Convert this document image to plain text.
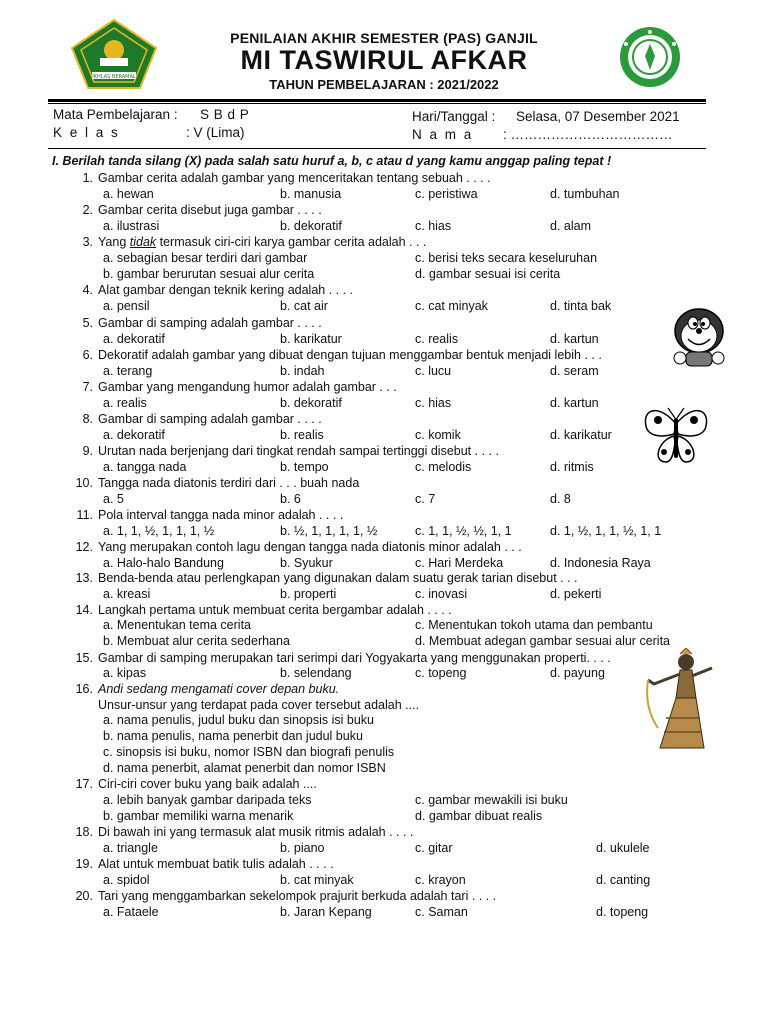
IKHLAS BERAMAL
PENILAIAN AKHIR SEMESTER (PAS) GANJIL
MI TASWIRUL AFKAR
TAHUN PEMBELAJARAN : 2021/2022
Mata Pembelajaran : S B d P
K e l a s	: V (Lima)
Hari/Tanggal : Selasa, 07 Desember 2021
N a m a : ………………………………
I. Berilah tanda silang (X) pada salah satu huruf a, b, c atau d yang kamu anggap paling tepat !
1. Gambar cerita adalah gambar yang menceritakan tentang sebuah . . . .
a. hewan	b. manusia	c. peristiwa	d. tumbuhan
2. Gambar cerita disebut juga gambar . . . .
a. ilustrasi	b. dekoratif	c. hias	d. alam
3. Yang tidak termasuk ciri-ciri karya gambar cerita adalah . . .
a. sebagian besar terdiri dari gambar	c. berisi teks secara keseluruhan
b. gambar berurutan sesuai alur cerita	d. gambar sesuai isi cerita
4. Alat gambar dengan teknik kering adalah . . . .
a. pensil	b. cat air	c. cat minyak	d. tinta bak
5. Gambar di samping adalah gambar . . . .
a. dekoratif	b. karikatur	c. realis	d. kartun
6. Dekoratif adalah gambar yang dibuat dengan tujuan menggambar bentuk menjadi lebih . . .
a. terang	b. indah	c. lucu	d. seram
7. Gambar yang mengandung humor adalah gambar . . .
a. realis	b. dekoratif	c. hias	d. kartun
8. Gambar di samping adalah gambar . . . .
a. dekoratif	b. realis	c. komik	d. karikatur
9. Urutan nada berjenjang dari tingkat rendah sampai tertinggi disebut . . . .
a. tangga nada	b. tempo	c. melodis	d. ritmis
10. Tangga nada diatonis terdiri dari . . . buah nada
a. 5	b. 6	c. 7	d. 8
11. Pola interval tangga nada minor adalah . . . .
a. 1, 1, ½, 1, 1, 1, ½	b. ½, 1, 1, 1, 1, ½	c. 1, 1, ½, ½, 1, 1	d. 1, ½, 1, 1, ½, 1, 1
12. Yang merupakan contoh lagu dengan tangga nada diatonis minor adalah . . .
a. Halo-halo Bandung	b. Syukur	c. Hari Merdeka	d. Indonesia Raya
13. Benda-benda atau perlengkapan yang digunakan dalam suatu gerak tarian disebut . . .
a. kreasi	b. properti	c. inovasi	d. pekerti
14. Langkah pertama untuk membuat cerita bergambar adalah . . . .
a. Menentukan tema cerita	c. Menentukan tokoh utama dan pembantu
b. Membuat alur cerita sederhana	d. Membuat adegan gambar sesuai alur cerita
15. Gambar di samping merupakan tari serimpi dari Yogyakarta yang menggunakan properti. . . .
a. kipas	b. selendang	c. topeng	d. payung
16. Andi sedang mengamati cover depan buku.
Unsur-unsur yang terdapat pada cover tersebut adalah ....
a. nama penulis, judul buku dan sinopsis isi buku
b. nama penulis, nama penerbit dan judul buku
c. sinopsis isi buku, nomor ISBN dan biografi penulis
d. nama penerbit, alamat penerbit dan nomor ISBN
17. Ciri-ciri cover buku yang baik adalah ....
a. lebih banyak gambar daripada teks	c. gambar mewakili isi buku
b. gambar memiliki warna menarik	d. gambar dibuat realis
18. Di bawah ini yang termasuk alat musik ritmis adalah . . . .
a. triangle	b. piano	c. gitar	d. ukulele
19. Alat untuk membuat batik tulis adalah . . . .
a. spidol	b. cat minyak	c. krayon	d. canting
20. Tari yang menggambarkan sekelompok prajurit berkuda adalah tari . . . .
a. Fataele	b. Jaran Kepang	c. Saman	d. topeng
